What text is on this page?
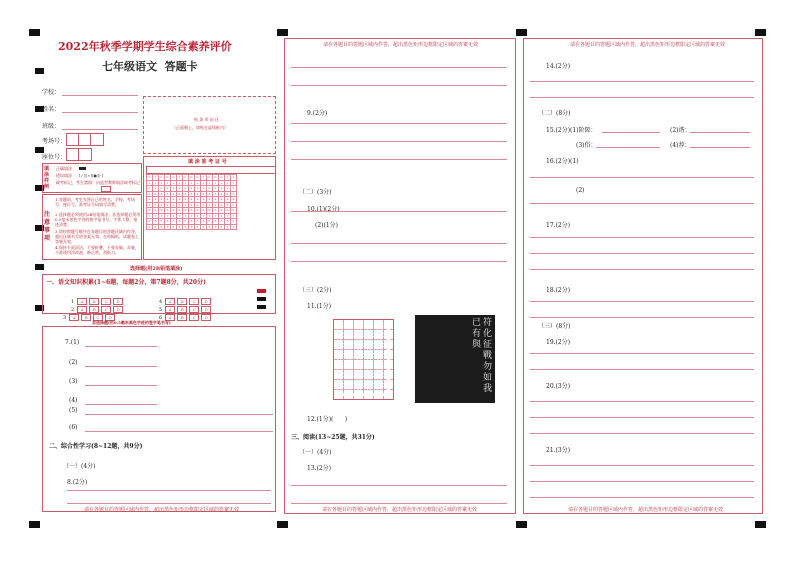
2022年秋季学期学生综合素养评价
七年级语文  答题卡
学校：
姓名：
班级：
考场号：
座位号：
贴 条 形 码 区
（正面朝上，请贴在虚线框内）
填涂样例
正确填涂
错误填涂 [✓][×][●][-]
缺考标记，考生禁填！由监考教师填涂缺考标记
注意事项
1.答题前，考生先将自己的姓名、学校、考场号、座位号、准考证号码填写清楚。
2.选择题必须使用2B铅笔填涂；非选择题必须用0.5毫米黑色字迹的签字笔书写，字体工整、笔迹清楚。
3.请按照题号顺序在各题目的答题区域内作答，超出区域书写的答案无效；在草稿纸、试题卷上答题无效。
4.保持卡面清洁，不要折叠、不要弄破、弄皱，不准使用涂改液、修正带、刮纸刀。
填 涂 准 考 证 号
0	0	0	0	0	0	0	0	0	0	0	0	0	0	0
1	1	1	1	1	1	1	1	1	1	1	1	1	1	1
2	2	2	2	2	2	2	2	2	2	2	2	2	2	2
3	3	3	3	3	3	3	3	3	3	3	3	3	3	3
4	4	4	4	4	4	4	4	4	4	4	4	4	4	4
5	5	5	5	5	5	5	5	5	5	5	5	5	5	5
6	6	6	6	6	6	6	6	6	6	6	6	6	6	6
7	7	7	7	7	7	7	7	7	7	7	7	7	7	7
8	8	8	8	8	8	8	8	8	8	8	8	8	8	8
9	9	9	9	9	9	9	9	9	9	9	9	9	9	9
选择题(用2B铅笔填涂)
一、语文知识积累(1~6题，每题2分，第7题8分，共20分)
1 A B C D
2 A B C D
3 A B C D
4 A B C D
5 A B C D
6 A B C D
非选择题(用0.5毫米黑色字迹的签字笔书写)
7.(1)
(2)
(3)
(4)
(5)
(6)
二、综合性学习(8~12题，共9分)
（一）(4分)
8.(2分)
请在各题目的答题区域内作答，超出黑色矩形边框限定区域的答案无效
请在各题目的答题区域内作答，超出黑色矩形边框限定区域的答案无效
9.(2分)
（二）(3分)
10.(1)(2分)
(2)(1分)
（三）(2分)
11.(1分)

符
化
征
戰
勿
如
我
已
有
與
12.(1分)(      )
三、阅读(13~25题，共31分)
（一）(4分)
13.(2分)
请在各题目的答题区域内作答，超出黑色矩形边框限定区域的答案无效
请在各题目的答题区域内作答，超出黑色矩形边框限定区域的答案无效
14.(2分)
（二）(8分)
15.(2分)(1)阶隙：	(2)谐：
(3)俗：	(4)荐：
16.(2分)(1)
(2)
17.(2分)
18.(2分)
（三）(8分)
19.(2分)
20.(3分)
21.(3分)
请在各题目的答题区域内作答，超出黑色矩形边框限定区域的答案无效
